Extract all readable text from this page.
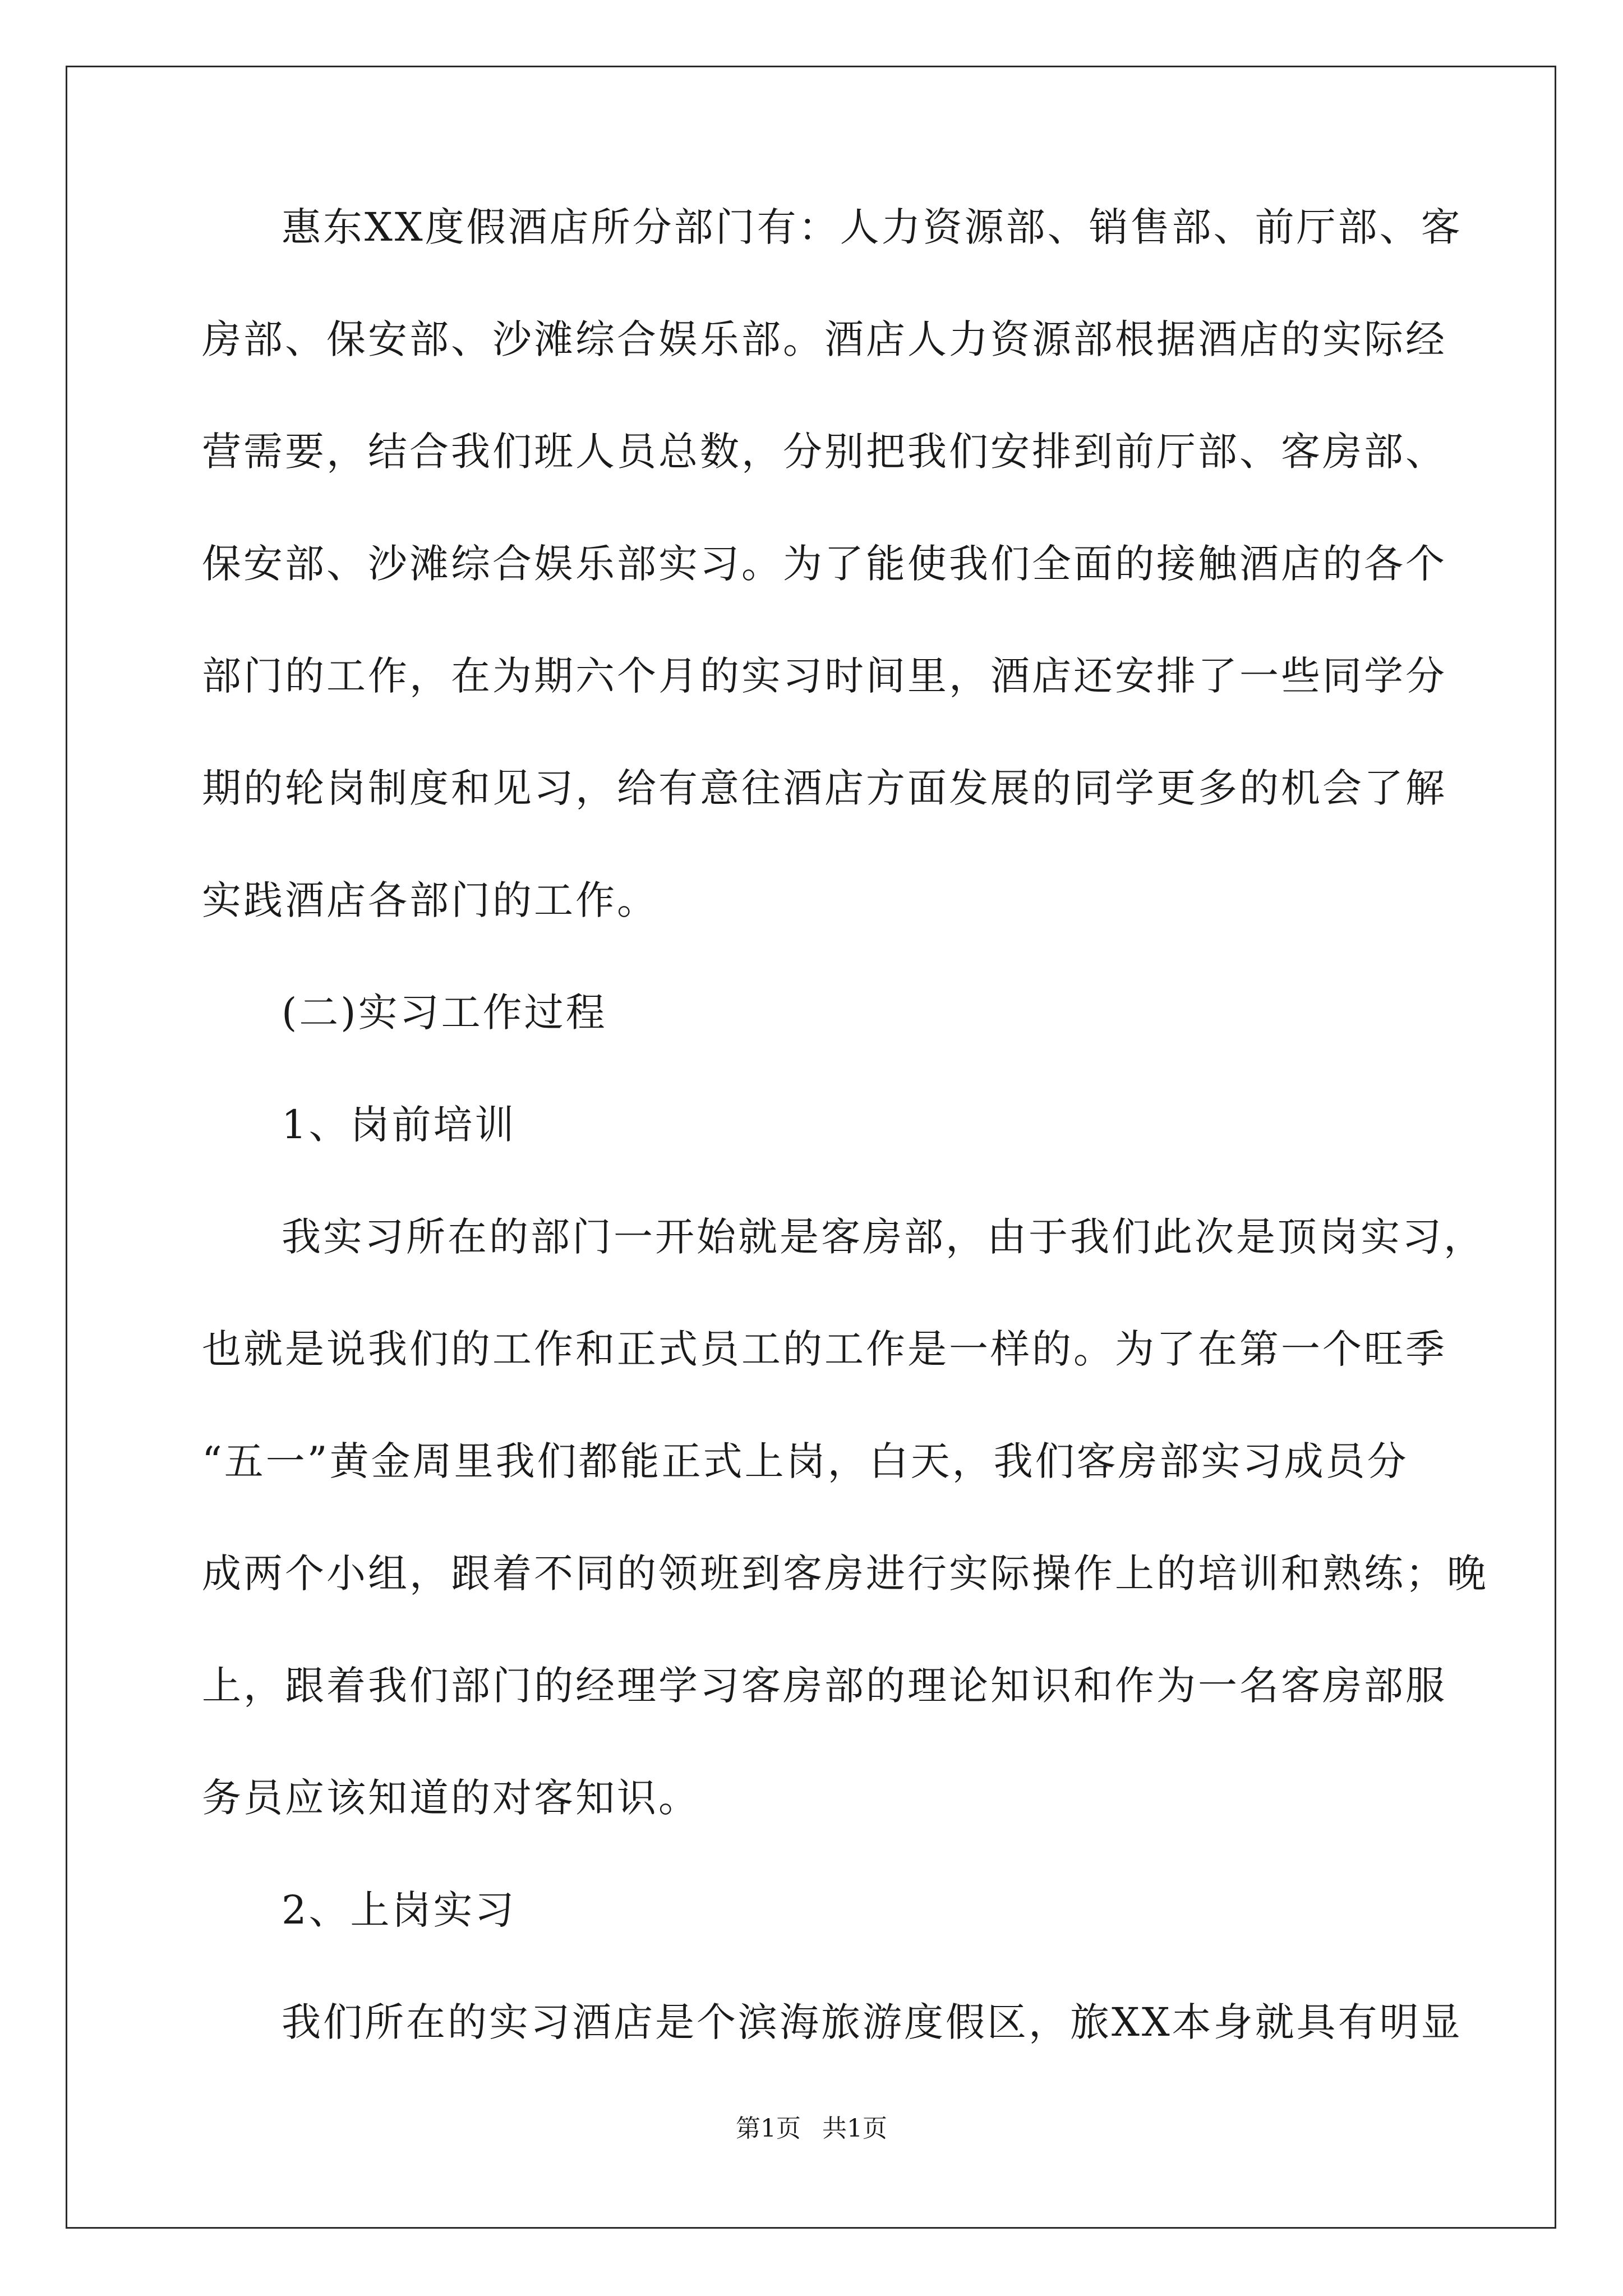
惠东XX度假酒店所分部门有：人力资源部、销售部、前厅部、客
房部、保安部、沙滩综合娱乐部。酒店人力资源部根据酒店的实际经
营需要，结合我们班人员总数，分别把我们安排到前厅部、客房部、
保安部、沙滩综合娱乐部实习。为了能使我们全面的接触酒店的各个
部门的工作，在为期六个月的实习时间里，酒店还安排了一些同学分
期的轮岗制度和见习，给有意往酒店方面发展的同学更多的机会了解
实践酒店各部门的工作。
(二)实习工作过程
1、岗前培训
我实习所在的部门一开始就是客房部，由于我们此次是顶岗实习，
也就是说我们的工作和正式员工的工作是一样的。为了在第一个旺季
“五一”黄金周里我们都能正式上岗，白天，我们客房部实习成员分
成两个小组，跟着不同的领班到客房进行实际操作上的培训和熟练；晚
上，跟着我们部门的经理学习客房部的理论知识和作为一名客房部服
务员应该知道的对客知识。
2、上岗实习
我们所在的实习酒店是个滨海旅游度假区，旅XX本身就具有明显
第1页 共1页
